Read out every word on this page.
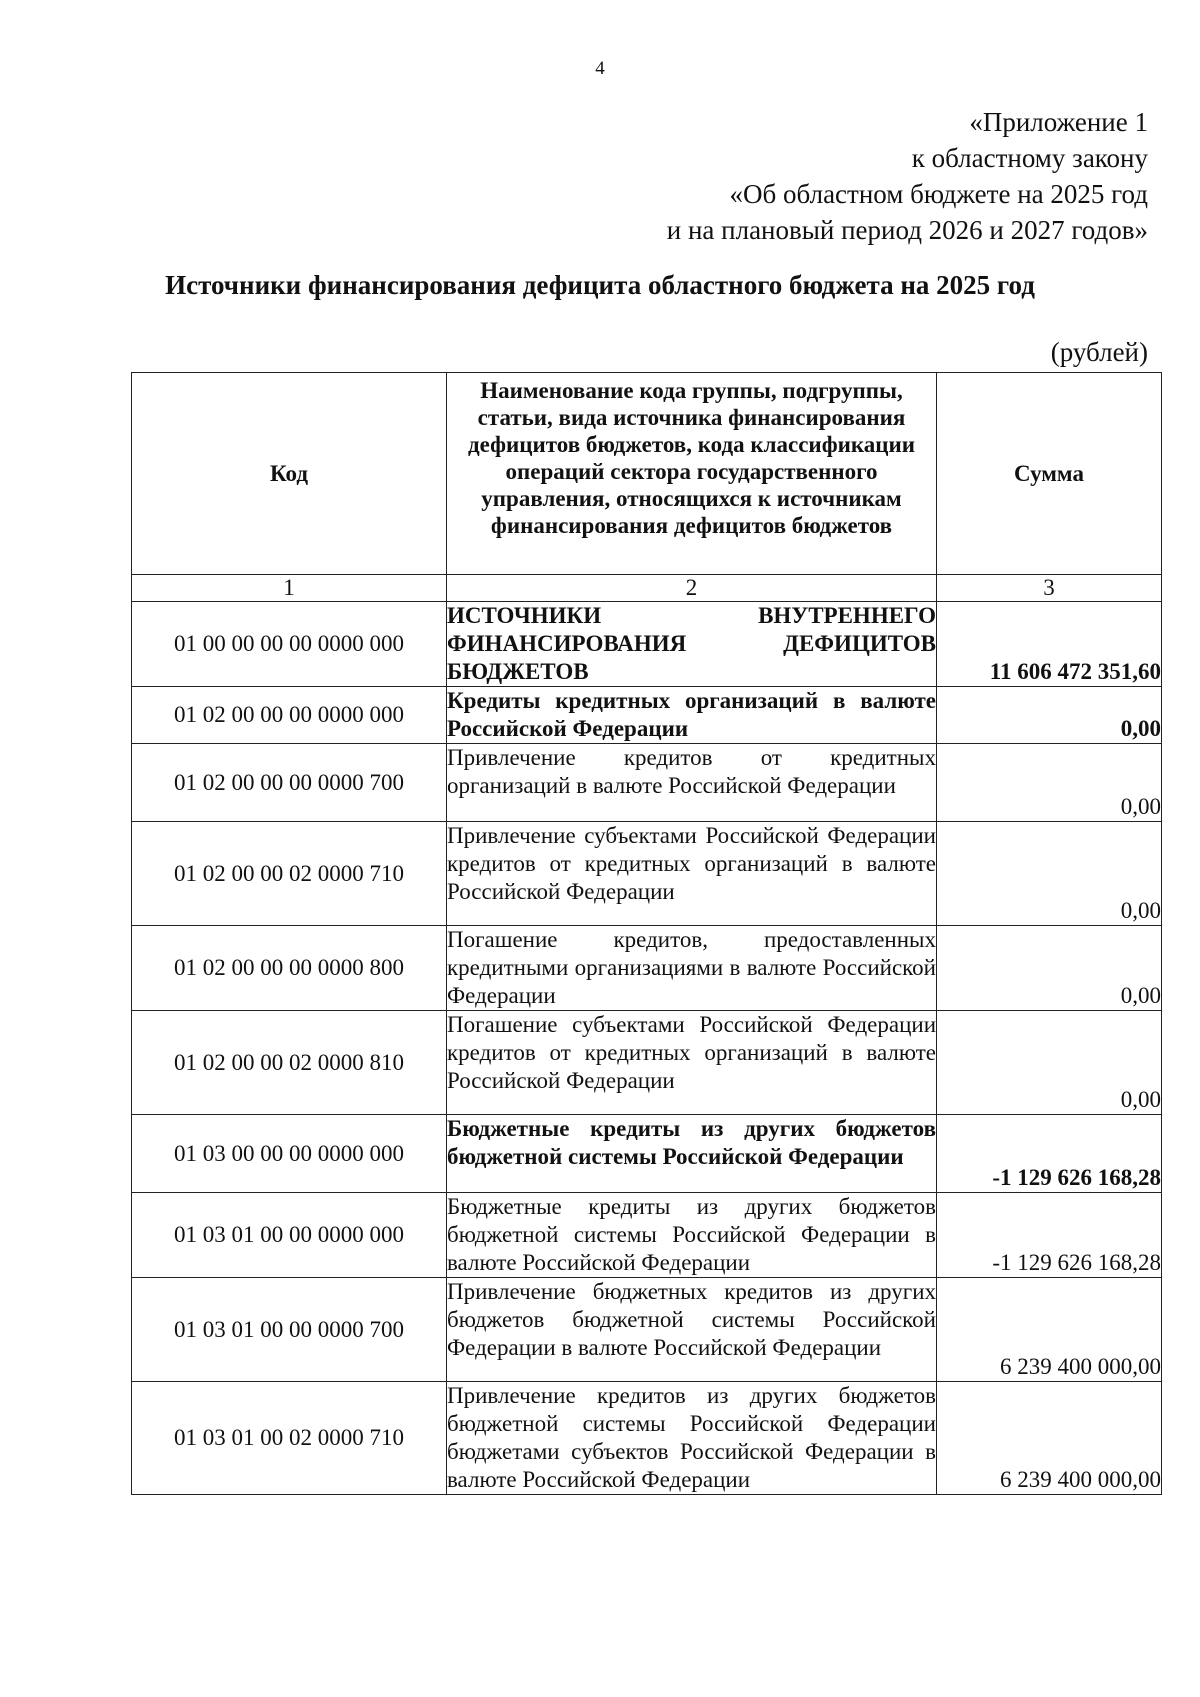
4
«Приложение 1
к областному закону
«Об областном бюджете на 2025 год
и на плановый период 2026 и 2027 годов»
Источники финансирования дефицита областного бюджета на 2025 год
(рублей)
Код	Наименование кода группы, подгруппы, статьи, вида источника финансирования дефицитов бюджетов, кода классификации операций сектора государственного управления, относящихся к источникам финансирования дефицитов бюджетов	Сумма
1	2	3
01 00 00 00 00 0000 000	ИСТОЧНИКИ ВНУТРЕННЕГО ФИНАНСИРОВАНИЯ ДЕФИЦИТОВ БЮДЖЕТОВ	11 606 472 351,60
01 02 00 00 00 0000 000	Кредиты кредитных организаций в валюте Российской Федерации	0,00
01 02 00 00 00 0000 700	Привлечение кредитов от кредитных организаций в валюте Российской Федерации	0,00
01 02 00 00 02 0000 710	Привлечение субъектами Российской Федерации кредитов от кредитных организаций в валюте Российской Федерации	0,00
01 02 00 00 00 0000 800	Погашение кредитов, предоставленных кредитными организациями в валюте Российской Федерации	0,00
01 02 00 00 02 0000 810	Погашение субъектами Российской Федерации кредитов от кредитных организаций в валюте Российской Федерации	0,00
01 03 00 00 00 0000 000	Бюджетные кредиты из других бюджетов бюджетной системы Российской Федерации	-1 129 626 168,28
01 03 01 00 00 0000 000	Бюджетные кредиты из других бюджетов бюджетной системы Российской Федерации в валюте Российской Федерации	-1 129 626 168,28
01 03 01 00 00 0000 700	Привлечение бюджетных кредитов из других бюджетов бюджетной системы Российской Федерации в валюте Российской Федерации	6 239 400 000,00
01 03 01 00 02 0000 710	Привлечение кредитов из других бюджетов бюджетной системы Российской Федерации бюджетами субъектов Российской Федерации в валюте Российской Федерации	6 239 400 000,00
